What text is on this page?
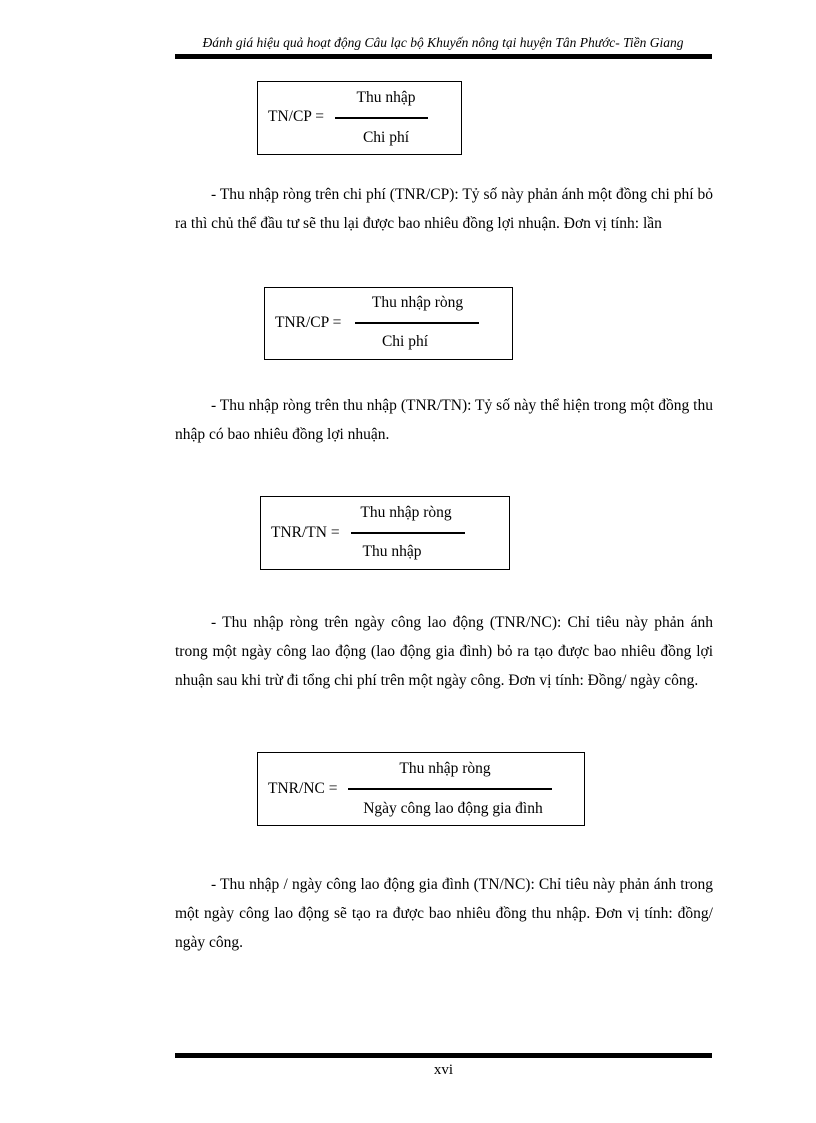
Đánh giá hiệu quả hoạt động Câu lạc bộ Khuyến nông tại huyện Tân Phước- Tiền Giang
TN/CP =
Thu nhập
Chi phí

- Thu nhập ròng trên chi phí (TNR/CP): Tỷ số này phản ánh một đồng chi phí bỏ ra thì chủ thể đầu tư sẽ thu lại được bao nhiêu đồng lợi nhuận. Đơn vị tính: lần

TNR/CP =
Thu nhập ròng
Chi phí

- Thu nhập ròng trên thu nhập (TNR/TN): Tỷ số này thể hiện trong một đồng thu nhập có bao nhiêu đồng lợi nhuận.

TNR/TN =
Thu nhập ròng
Thu nhập

- Thu nhập ròng trên ngày công lao động (TNR/NC): Chỉ tiêu này phản ánh trong một ngày công lao động (lao động gia đình) bỏ ra tạo được bao nhiêu đồng lợi nhuận sau khi trừ đi tổng chi phí trên một ngày công. Đơn vị tính: Đồng/ ngày công.

TNR/NC =
Thu nhập ròng
Ngày công lao động gia đình

- Thu nhập / ngày công lao động gia đình (TN/NC): Chỉ tiêu này phản ánh trong một ngày công lao động sẽ tạo ra được bao nhiêu đồng thu nhập. Đơn vị tính: đồng/ ngày công.

xvi
